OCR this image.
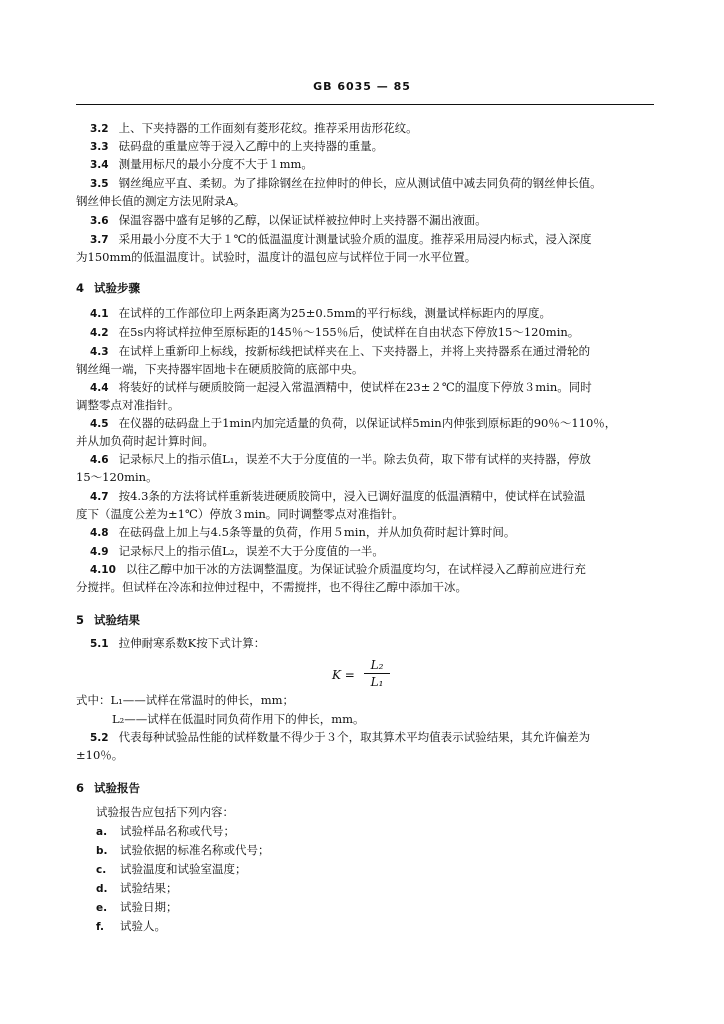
GB 6035 — 85
3.2 上、下夹持器的工作面刻有菱形花纹。推荐采用齿形花纹。
3.3 砝码盘的重量应等于浸入乙醇中的上夹持器的重量。
3.4 测量用标尺的最小分度不大于１mm。
3.5 钢丝绳应平直、柔韧。为了排除钢丝在拉伸时的伸长，应从测试值中减去同负荷的钢丝伸长值。
钢丝伸长值的测定方法见附录A。
3.6 保温容器中盛有足够的乙醇，以保证试样被拉伸时上夹持器不漏出液面。
3.7 采用最小分度不大于１℃的低温温度计测量试验介质的温度。推荐采用局浸内标式，浸入深度
为150mm的低温温度计。试验时，温度计的温包应与试样位于同一水平位置。
4 试验步骤
4.1 在试样的工作部位印上两条距离为25±0.5mm的平行标线，测量试样标距内的厚度。
4.2 在5s内将试样拉伸至原标距的145％～155％后，使试样在自由状态下停放15～120min。
4.3 在试样上重新印上标线，按新标线把试样夹在上、下夹持器上，并将上夹持器系在通过滑轮的
钢丝绳一端，下夹持器牢固地卡在硬质胶筒的底部中央。
4.4 将装好的试样与硬质胶筒一起浸入常温酒精中，使试样在23±２℃的温度下停放３min。同时
调整零点对准指针。
4.5 在仪器的砝码盘上于1min内加完适量的负荷，以保证试样5min内伸张到原标距的90％～110％，
并从加负荷时起计算时间。
4.6 记录标尺上的指示值L₁，误差不大于分度值的一半。除去负荷，取下带有试样的夹持器，停放
15～120min。
4.7 按4.3条的方法将试样重新装进硬质胶筒中，浸入已调好温度的低温酒精中，使试样在试验温
度下（温度公差为±1℃）停放３min。同时调整零点对准指针。
4.8 在砝码盘上加上与4.5条等量的负荷，作用５min，并从加负荷时起计算时间。
4.9 记录标尺上的指示值L₂，误差不大于分度值的一半。
4.10 以往乙醇中加干冰的方法调整温度。为保证试验介质温度均匀，在试样浸入乙醇前应进行充
分搅拌。但试样在冷冻和拉伸过程中，不需搅拌，也不得往乙醇中添加干冰。
5 试验结果
5.1 拉伸耐寒系数K按下式计算：
$K = \frac{\text{L₂}}{\text{L₁}}$
式中：L₁——试样在常温时的伸长，mm；
L₂——试样在低温时同负荷作用下的伸长，mm。
5.2 代表每种试验品性能的试样数量不得少于３个，取其算术平均值表示试验结果，其允许偏差为
±10％。
6 试验报告
试验报告应包括下列内容：
a. 试验样品名称或代号；
b. 试验依据的标准名称或代号；
c. 试验温度和试验室温度；
d. 试验结果；
e. 试验日期；
f. 试验人。
